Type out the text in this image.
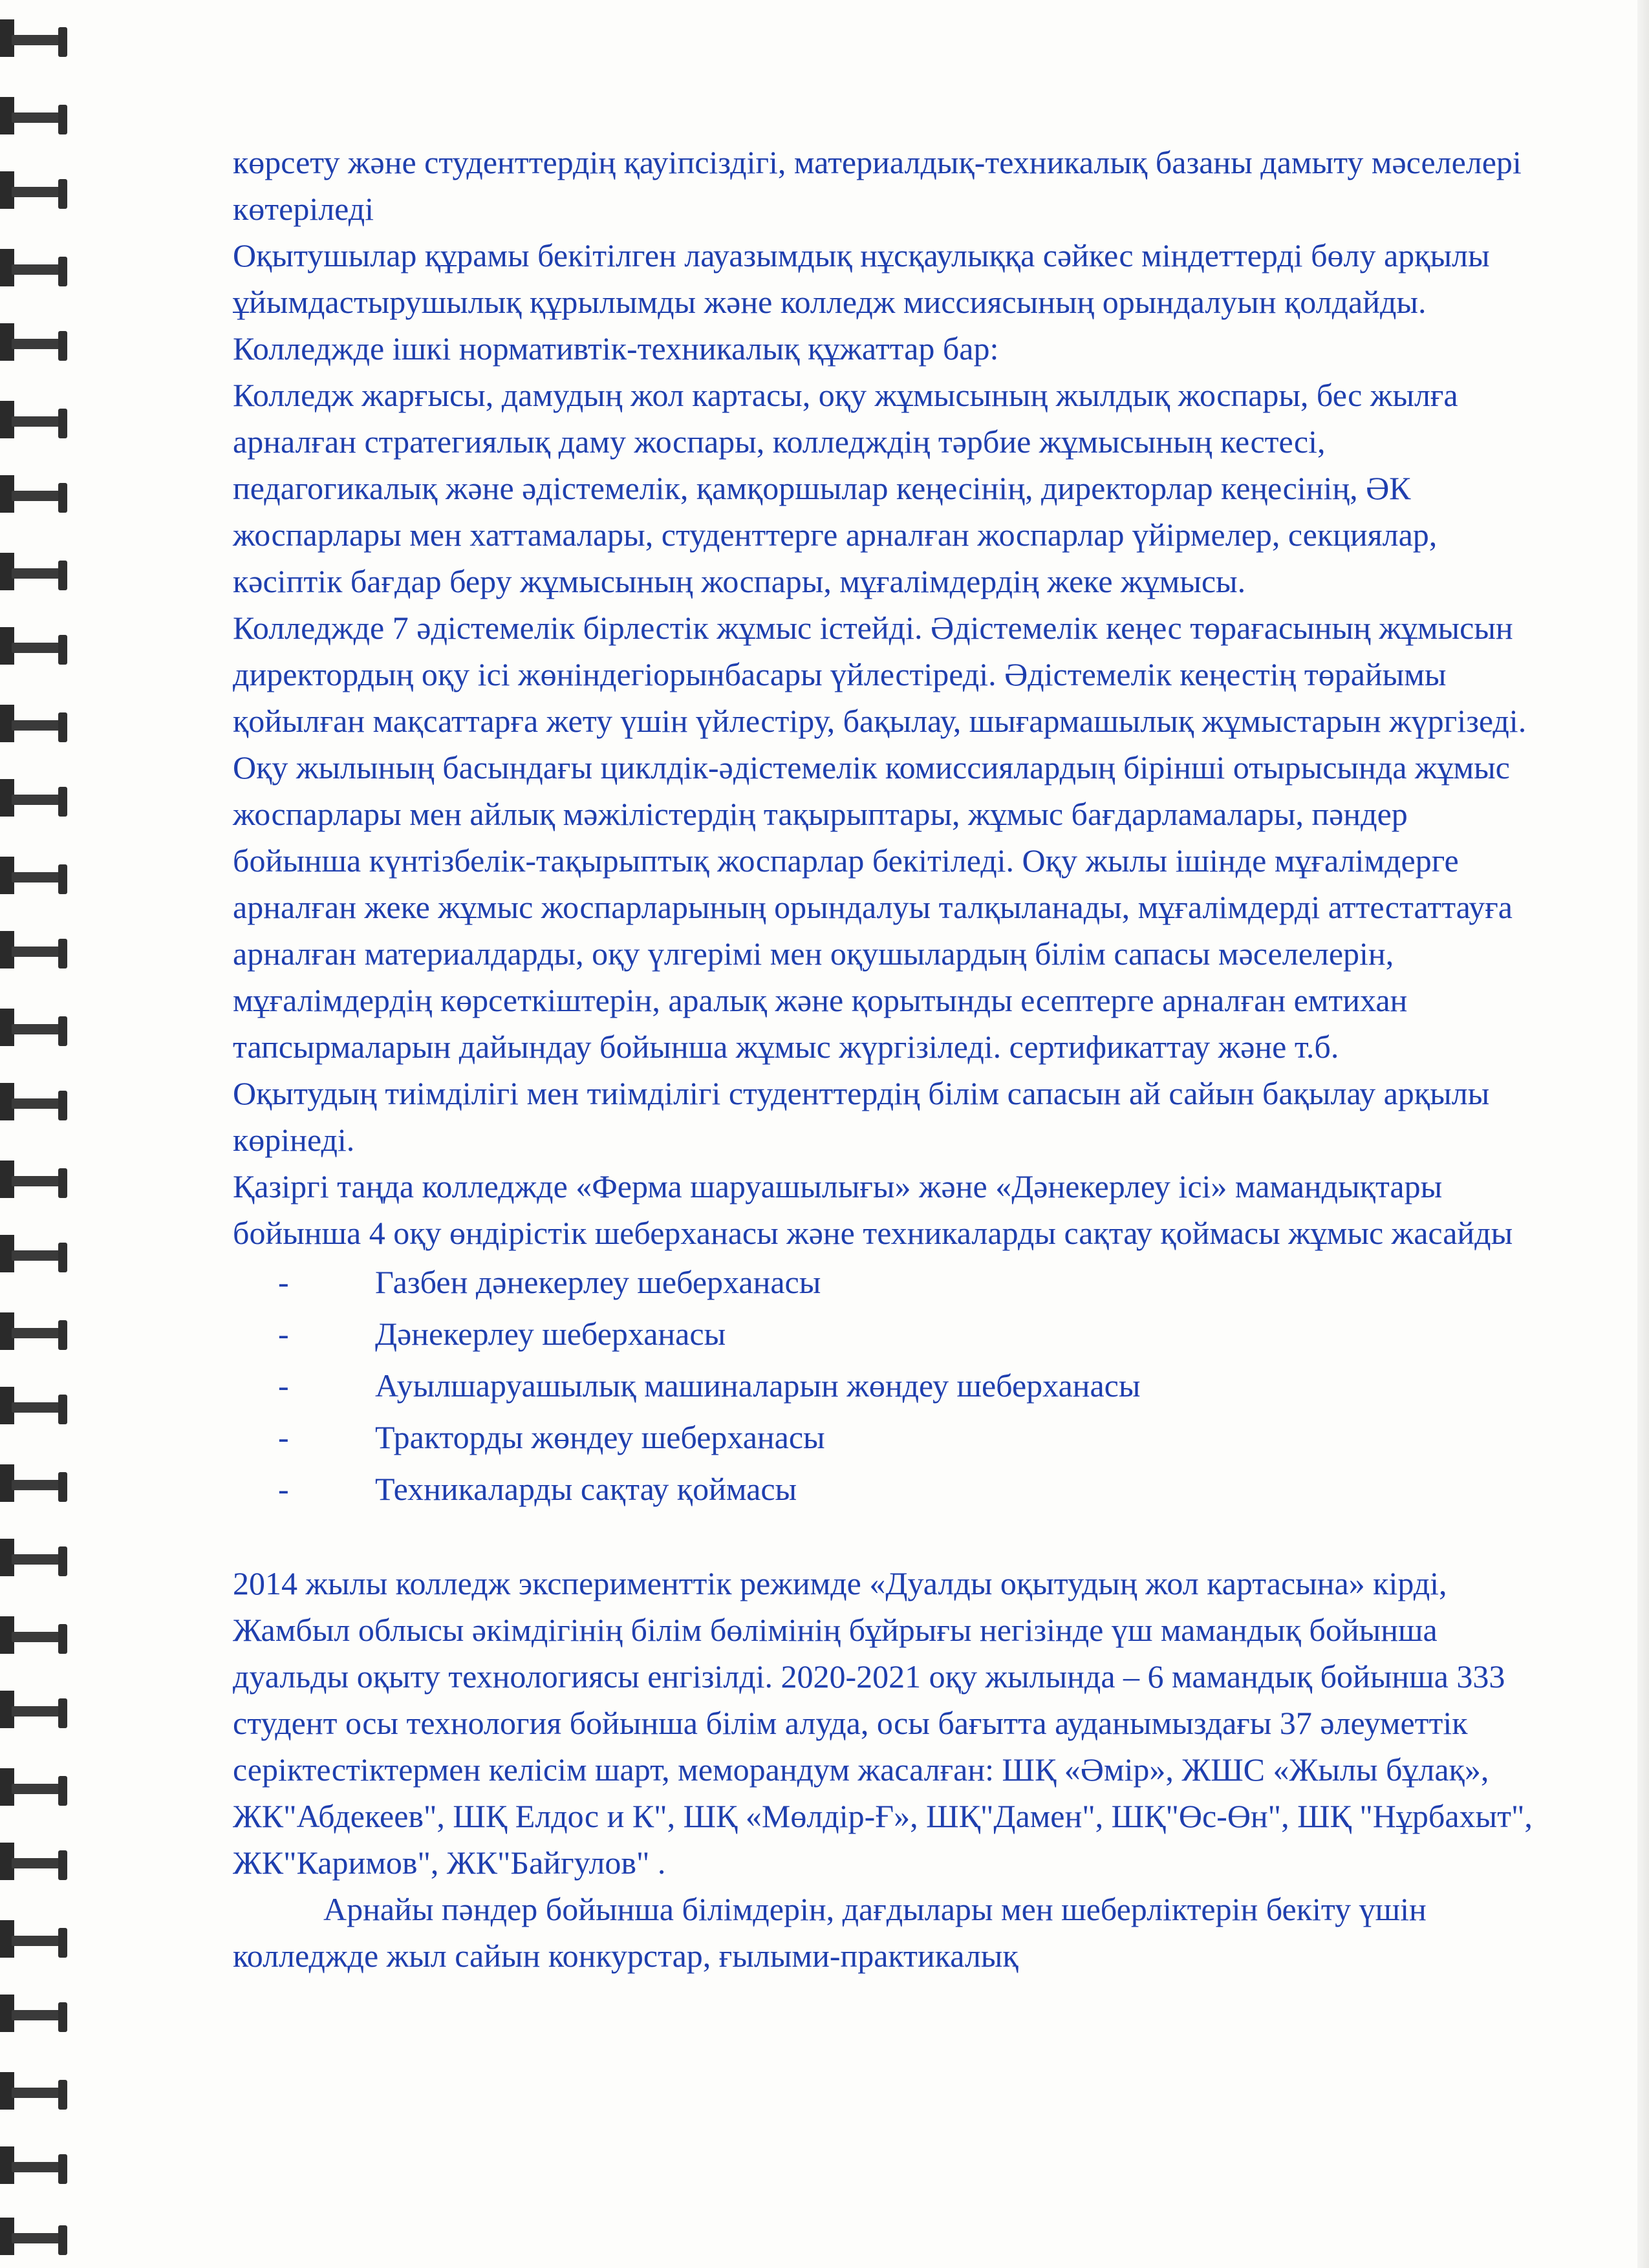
көрсету және студенттердің қауіпсіздігі, материалдық-техникалық базаны дамыту мәселелері көтеріледі

Оқытушылар құрамы бекітілген лауазымдық нұсқаулыққа сәйкес міндеттерді бөлу арқылы ұйымдастырушылық құрылымды және колледж миссиясының орындалуын қолдайды.

Колледжде ішкі нормативтік-техникалық құжаттар бар:

Колледж жарғысы, дамудың жол картасы, оқу жұмысының жылдық жоспары, бес жылға арналған стратегиялық даму жоспары, колледждің тәрбие жұмысының кестесі, педагогикалық және әдістемелік, қамқоршылар кеңесінің, директорлар кеңесінің, ӘК жоспарлары мен хаттамалары, студенттерге арналған жоспарлар үйірмелер, секциялар, кәсіптік бағдар беру жұмысының жоспары, мұғалімдердің жеке жұмысы.

Колледжде 7 әдістемелік бірлестік жұмыс істейді. Әдістемелік кеңес төрағасының жұмысын директордың оқу ісі жөніндегіорынбасары үйлестіреді. Әдістемелік кеңестің төрайымы қойылған мақсаттарға жету үшін үйлестіру, бақылау, шығармашылық жұмыстарын жүргізеді.

Оқу жылының басындағы циклдік-әдістемелік комиссиялардың бірінші отырысында жұмыс жоспарлары мен айлық мәжілістердің тақырыптары, жұмыс бағдарламалары, пәндер бойынша күнтізбелік-тақырыптық жоспарлар бекітіледі. Оқу жылы ішінде мұғалімдерге арналған жеке жұмыс жоспарларының орындалуы талқыланады, мұғалімдерді аттестаттауға арналған материалдарды, оқу үлгерімі мен оқушылардың білім сапасы мәселелерін, мұғалімдердің көрсеткіштерін, аралық және қорытынды есептерге арналған емтихан тапсырмаларын дайындау бойынша жұмыс жүргізіледі. сертификаттау және т.б.

Оқытудың тиімділігі мен тиімділігі студенттердің білім сапасын ай сайын бақылау арқылы көрінеді.

Қазіргі таңда колледжде «Ферма шаруашылығы» және «Дәнекерлеу ісі» мамандықтары бойынша 4 оқу өндірістік шеберханасы және техникаларды сақтау қоймасы жұмыс жасайды

-	Газбен дәнекерлеу шеберханасы
-	Дәнекерлеу шеберханасы
-	Ауылшаруашылық машиналарын жөндеу шеберханасы
-	Тракторды жөндеу шеберханасы
-	Техникаларды сақтау қоймасы

2014 жылы колледж эксперименттік режимде «Дуалды оқытудың жол картасына» кірді, Жамбыл облысы әкімдігінің білім бөлімінің бұйрығы негізінде үш мамандық бойынша дуальды оқыту технологиясы енгізілді. 2020-2021 оқу жылында – 6 мамандық бойынша 333 студент осы технология бойынша білім алуда, осы бағытта ауданымыздағы 37 әлеуметтік серіктестіктермен келісім шарт, меморандум жасалған: ШҚ «Әмір», ЖШС «Жылы бұлақ», ЖК"Абдекеев", ШҚ Елдос и К", ШҚ «Мөлдір-Ғ», ШҚ"Дамен", ШҚ"Өс-Өн", ШҚ "Нұрбахыт", ЖК"Каримов", ЖК"Байгулов" .

Арнайы пәндер бойынша білімдерін, дағдылары мен шеберліктерін бекіту үшін колледжде жыл сайын конкурстар, ғылыми-практикалық
